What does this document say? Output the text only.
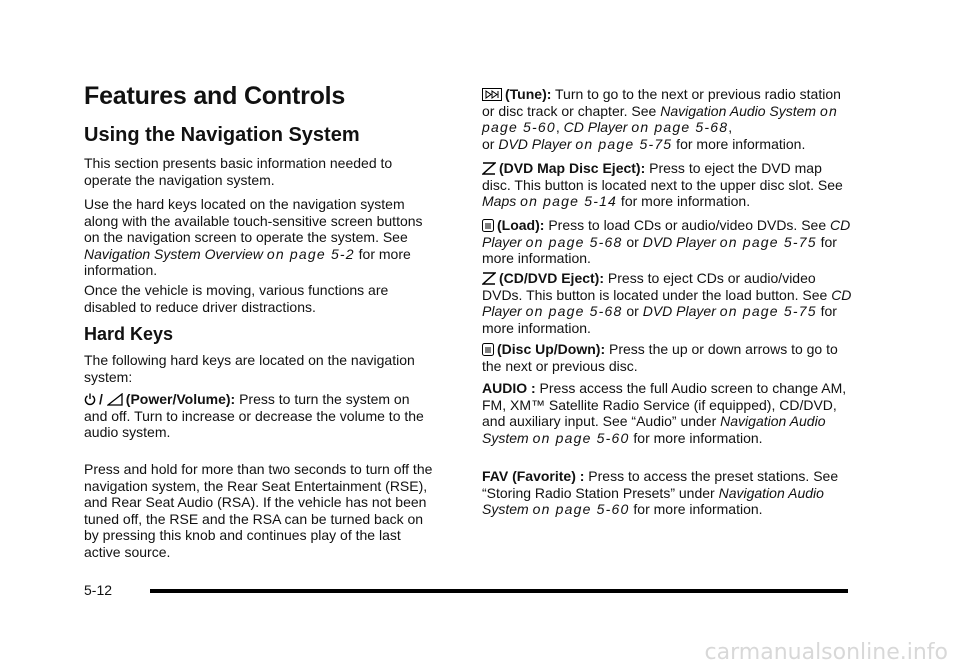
Features and Controls
Using the Navigation System

This section presents basic information needed to operate the navigation system.

Use the hard keys located on the navigation system along with the available touch-sensitive screen buttons on the navigation screen to operate the system. See Navigation System Overview on page 5-2 for more information.

Once the vehicle is moving, various functions are disabled to reduce driver distractions.

Hard Keys

The following hard keys are located on the navigation system:

/ (Power/Volume): Press to turn the system on and off. Turn to increase or decrease the volume to the audio system.

Press and hold for more than two seconds to turn off the navigation system, the Rear Seat Entertainment (RSE), and Rear Seat Audio (RSA). If the vehicle has not been tuned off, the RSE and the RSA can be turned back on by pressing this knob and continues play of the last active source.

(Tune): Turn to go to the next or previous radio station or disc track or chapter. See Navigation Audio System on page 5-60, CD Player on page 5-68,
or DVD Player on page 5-75 for more information.

(DVD Map Disc Eject): Press to eject the DVD map disc. This button is located next to the upper disc slot. See Maps on page 5-14 for more information.

(Load): Press to load CDs or audio/video DVDs. See CD Player on page 5-68 or DVD Player on page 5-75 for more information.

(CD/DVD Eject): Press to eject CDs or audio/video DVDs. This button is located under the load button. See CD Player on page 5-68 or DVD Player on page 5-75 for more information.

(Disc Up/Down): Press the up or down arrows to go to the next or previous disc.

AUDIO : Press access the full Audio screen to change AM, FM, XM™ Satellite Radio Service (if equipped), CD/DVD, and auxiliary input. See “Audio” under Navigation Audio System on page 5-60 for more information.

FAV (Favorite) : Press to access the preset stations. See “Storing Radio Station Presets” under Navigation Audio System on page 5-60 for more information.

5-12
carmanualsonline.info
